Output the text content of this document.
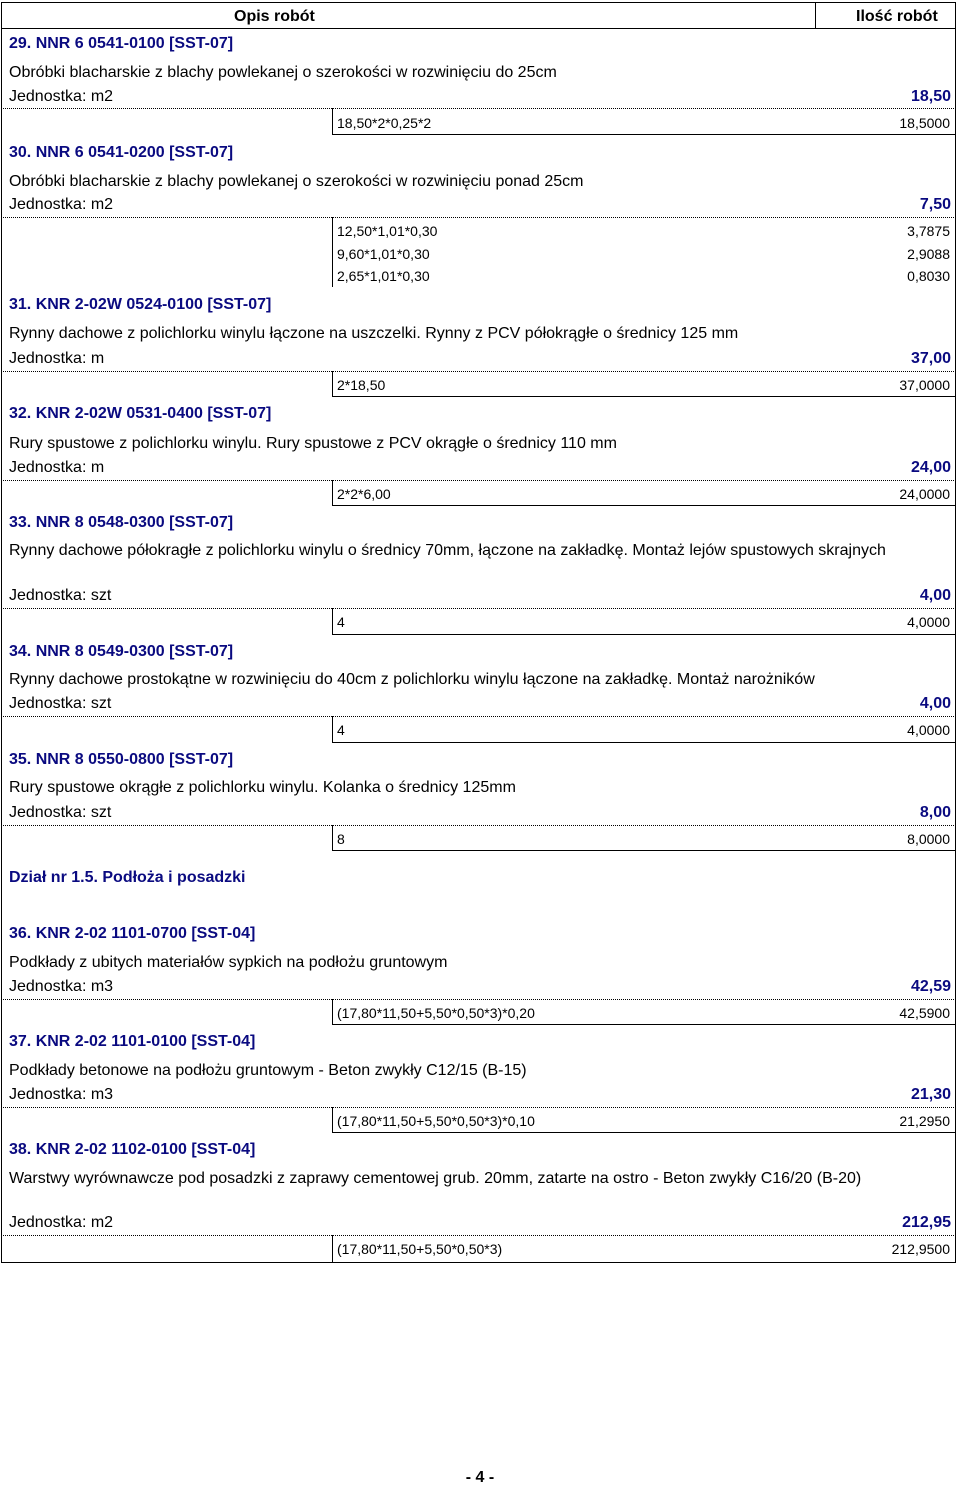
Opis robót	Ilość robót
29. NNR 6 0541-0100 [SST-07]
Obróbki blacharskie z blachy powlekanej o szerokości w rozwinięciu do 25cm
Jednostka: m2	18,50
18,50*2*0,25*2	18,5000
30. NNR 6 0541-0200 [SST-07]
Obróbki blacharskie z blachy powlekanej o szerokości w rozwinięciu ponad 25cm
Jednostka: m2	7,50
12,50*1,01*0,30	3,7875
9,60*1,01*0,30	2,9088
2,65*1,01*0,30	0,8030
31. KNR 2-02W 0524-0100 [SST-07]
Rynny dachowe z polichlorku winylu łączone na uszczelki. Rynny z PCV półokrągłe o średnicy 125 mm
Jednostka: m	37,00
2*18,50	37,0000
32. KNR 2-02W 0531-0400 [SST-07]
Rury spustowe z polichlorku winylu. Rury spustowe z PCV okrągłe o średnicy 110 mm
Jednostka: m	24,00
2*2*6,00	24,0000
33. NNR 8 0548-0300 [SST-07]
Rynny dachowe półokragłe z polichlorku winylu o średnicy 70mm, łączone na zakładkę. Montaż lejów spustowych skrajnych
Jednostka: szt	4,00
4	4,0000
34. NNR 8 0549-0300 [SST-07]
Rynny dachowe prostokątne w rozwinięciu do 40cm z polichlorku winylu łączone na zakładkę. Montaż narożników
Jednostka: szt	4,00
4	4,0000
35. NNR 8 0550-0800 [SST-07]
Rury spustowe okrągłe z polichlorku winylu. Kolanka o średnicy 125mm
Jednostka: szt	8,00
8	8,0000
Dział nr 1.5. Podłoża i posadzki
36. KNR 2-02 1101-0700 [SST-04]
Podkłady z ubitych materiałów sypkich na podłożu gruntowym
Jednostka: m3	42,59
(17,80*11,50+5,50*0,50*3)*0,20	42,5900
37. KNR 2-02 1101-0100 [SST-04]
Podkłady betonowe na podłożu gruntowym - Beton zwykły C12/15 (B-15)
Jednostka: m3	21,30
(17,80*11,50+5,50*0,50*3)*0,10	21,2950
38. KNR 2-02 1102-0100 [SST-04]
Warstwy wyrównawcze pod posadzki z zaprawy cementowej grub. 20mm, zatarte na ostro - Beton zwykły C16/20 (B-20)
Jednostka: m2	212,95
(17,80*11,50+5,50*0,50*3)	212,9500
- 4 -
